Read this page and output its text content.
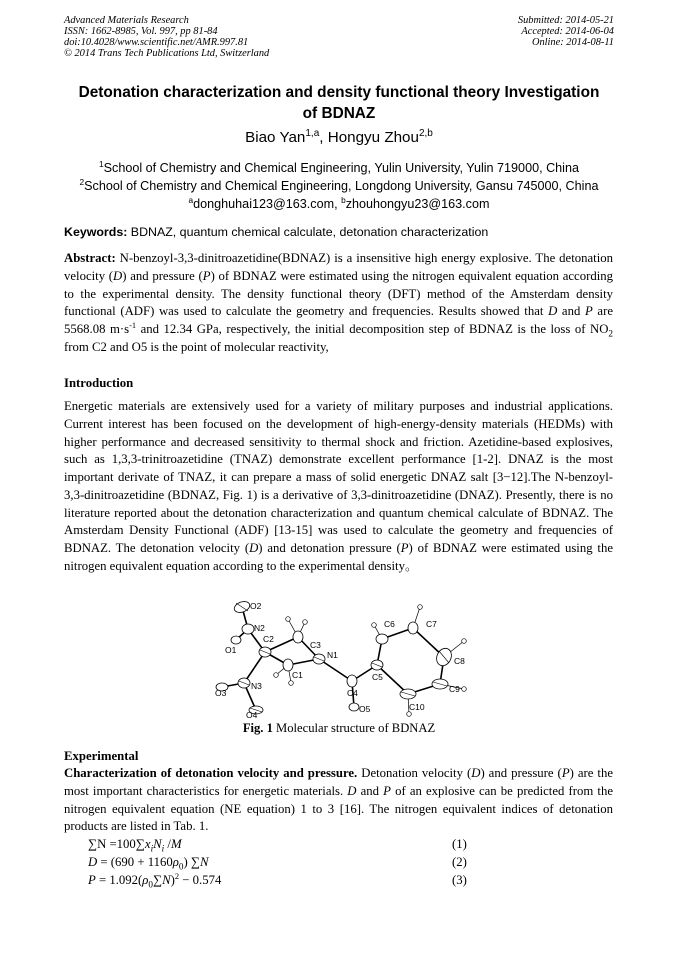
Advanced Materials Research
ISSN: 1662-8985, Vol. 997, pp 81-84
doi:10.4028/www.scientific.net/AMR.997.81
© 2014 Trans Tech Publications Ltd, Switzerland
Submitted: 2014-05-21
Accepted: 2014-06-04
Online: 2014-08-11
Detonation characterization and density functional theory Investigation
of BDNAZ
Biao Yan$^{1,a}$, Hongyu Zhou$^{2,b}$
$^1$School of Chemistry and Chemical Engineering, Yulin University, Yulin 719000, China
$^2$School of Chemistry and Chemical Engineering, Longdong University, Gansu 745000, China
$^a$donghuhai123@163.com, $^b$zhouhongyu23@163.com
Keywords: BDNAZ, quantum chemical calculate, detonation characterization
Abstract: N-benzoyl-3,3-dinitroazetidine(BDNAZ) is a insensitive high energy explosive. The detonation velocity (D) and pressure (P) of BDNAZ were estimated using the nitrogen equivalent equation according to the experimental density. The density functional theory (DFT) method of the Amsterdam density functional (ADF) was used to calculate the geometry and frequencies. Results showed that D and P are 5568.08 $m\cdot s^{-1}$ and 12.34 GPa, respectively, the initial decomposition step of BDNAZ is the loss of $NO_2$ from C2 and O5 is the point of molecular reactivity,
Introduction
Energetic materials are extensively used for a variety of military purposes and industrial applications. Current interest has been focused on the development of high-energy-density materials (HEDMs) with higher performance and decreased sensitivity to thermal shock and friction. Azetidine-based explosives, such as 1,3,3-trinitroazetidine (TNAZ) demonstrate excellent performance [1-2]. DNAZ is the most important derivate of TNAZ, it can prepare a mass of solid energetic DNAZ salt [3−12].The N-benzoyl-3,3-dinitroazetidine (BDNAZ, Fig. 1) is a derivative of 3,3-dinitroazetidine (DNAZ). Presently, there is no literature reported about the detonation characterization and quantum chemical calculate of BDNAZ. The Amsterdam Density Functional (ADF) [13-15] was used to calculate the geometry and frequencies of BDNAZ. The detonation velocity (D) and detonation pressure (P) of BDNAZ were estimated using the nitrogen equivalent equation according to the experimental density。
O2
N2
O1
C2
C3
N1
C6	C7
C8
C9
C5
C4
O3
N3
C1
O4
O5	C10
Fig. 1 Molecular structure of BDNAZ
Experimental
Characterization of detonation velocity and pressure. Detonation velocity (D) and pressure (P) are the most important characteristics for energetic materials. D and P of an explosive can be predicted from the nitrogen equivalent equation (NE equation) 1 to 3 [16]. The nitrogen equivalent indices of detonation products are listed in Tab. 1.
$\sum N =100\sum x_iN_i$ /M	(1)
$D = (690 + 1160\rho_0)$ ∑N	(2)
$P = 1.092(\rho_0\sum N)^2 - 0.574$	(3)
